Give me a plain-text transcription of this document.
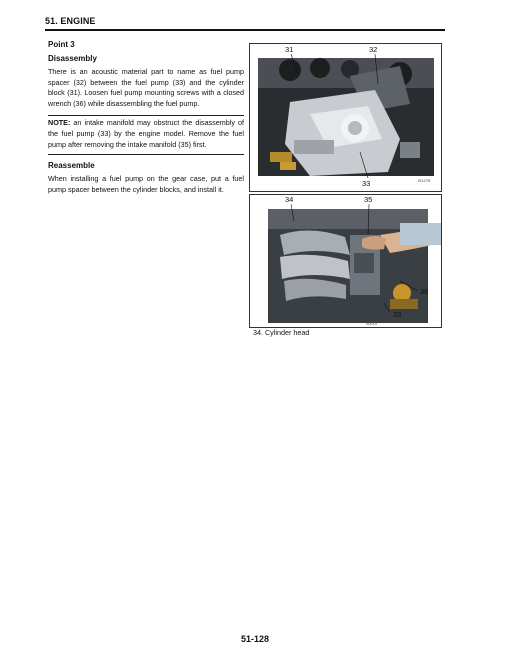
51. ENGINE
Point 3
Disassembly

There is an acoustic material part to name as fuel pump spacer (32) between the fuel pump (33) and the cylinder block (31). Loosen fuel pump mounting screws with a closed wrench (36) while disassembling the fuel pump.

NOTE: an intake manifold may obstruct the disassembly of the fuel pump (33) by the engine model. Remove the fuel pump after removing the intake manifold (35) first.

Reassemble

When installing a fuel pump on the gear case, put a fuel pump spacer between the cylinder blocks, and install it.

31	32
33	I51278
34	35
36
33
I5XXX
34. Cylinder head
51-128
